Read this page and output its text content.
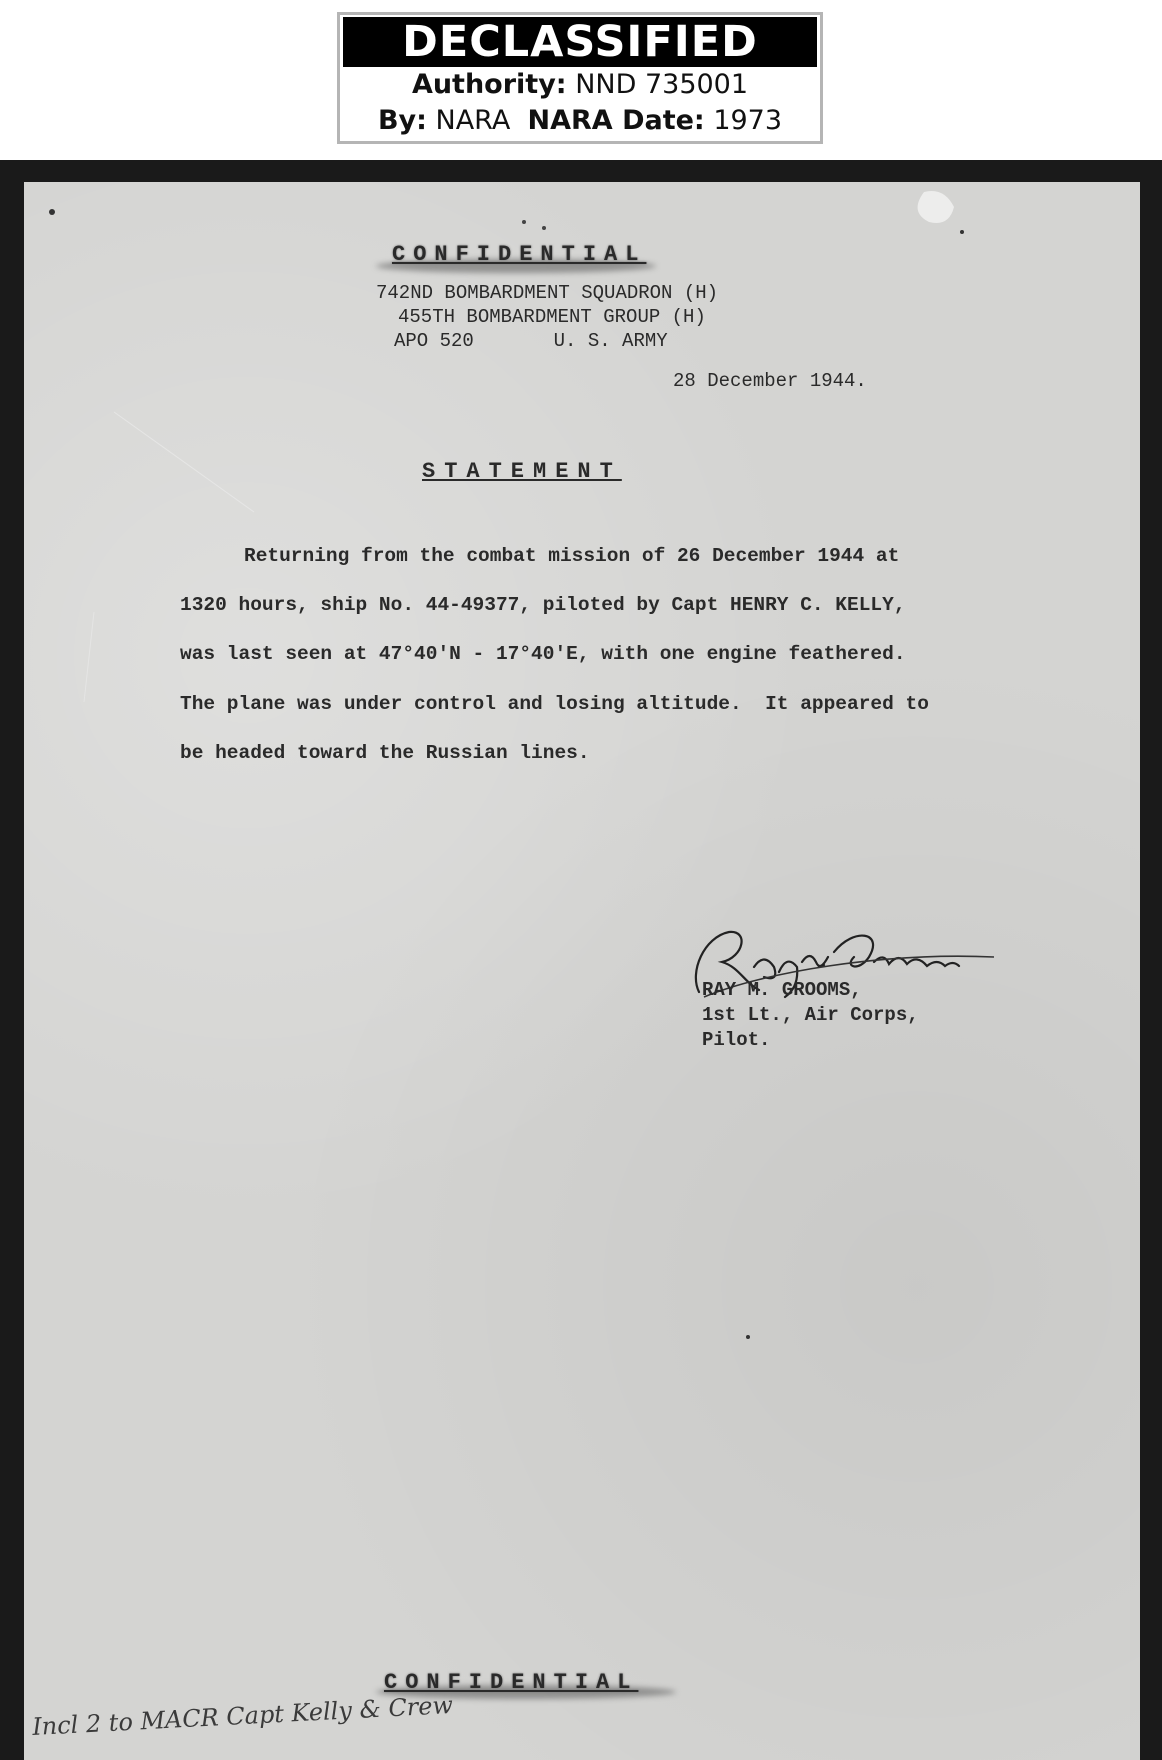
DECLASSIFIED
Authority: NND 735001
By: NARA NARA Date: 1973
CONFIDENTIAL
742ND BOMBARDMENT SQUADRON (H)
455TH BOMBARDMENT GROUP (H)
APO 520       U. S. ARMY
28 December 1944.
STATEMENT
Returning from the combat mission of 26 December 1944 at
1320 hours, ship No. 44-49377, piloted by Capt HENRY C. KELLY,
was last seen at 47°40'N - 17°40'E, with one engine feathered.
The plane was under control and losing altitude.  It appeared to
be headed toward the Russian lines.
RAY M. GROOMS,
1st Lt., Air Corps,
Pilot.
CONFIDENTIAL
Incl 2 to MACR Capt Kelly & Crew
